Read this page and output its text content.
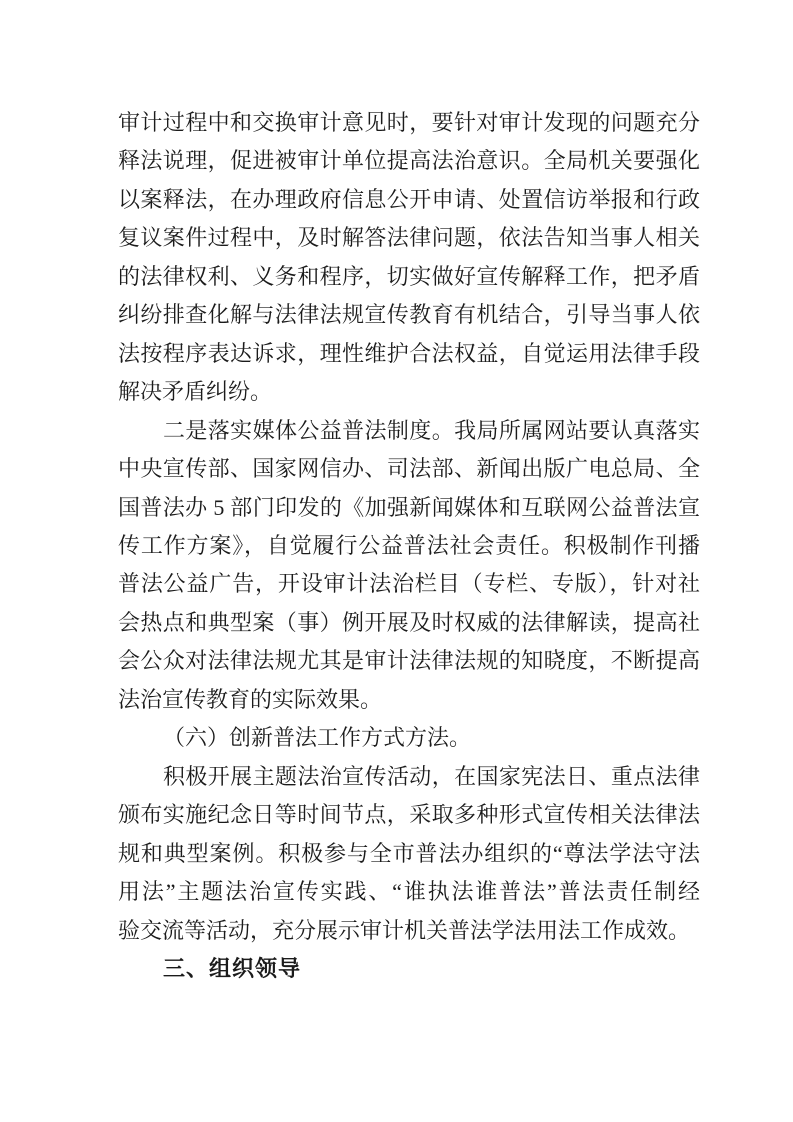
审计过程中和交换审计意见时，要针对审计发现的问题充分

释法说理，促进被审计单位提高法治意识。全局机关要强化

以案释法，在办理政府信息公开申请、处置信访举报和行政

复议案件过程中，及时解答法律问题，依法告知当事人相关

的法律权利、义务和程序，切实做好宣传解释工作，把矛盾

纠纷排查化解与法律法规宣传教育有机结合，引导当事人依

法按程序表达诉求，理性维护合法权益，自觉运用法律手段

解决矛盾纠纷。

二是落实媒体公益普法制度。我局所属网站要认真落实

中央宣传部、国家网信办、司法部、新闻出版广电总局、全

国普法办 5 部门印发的《加强新闻媒体和互联网公益普法宣

传工作方案》，自觉履行公益普法社会责任。积极制作刊播

普法公益广告，开设审计法治栏目（专栏、专版），针对社

会热点和典型案（事）例开展及时权威的法律解读，提高社

会公众对法律法规尤其是审计法律法规的知晓度，不断提高

法治宣传教育的实际效果。

（六）创新普法工作方式方法。

积极开展主题法治宣传活动，在国家宪法日、重点法律

颁布实施纪念日等时间节点，采取多种形式宣传相关法律法

规和典型案例。积极参与全市普法办组织的“尊法学法守法

用法”主题法治宣传实践、“谁执法谁普法”普法责任制经

验交流等活动，充分展示审计机关普法学法用法工作成效。

三、组织领导
